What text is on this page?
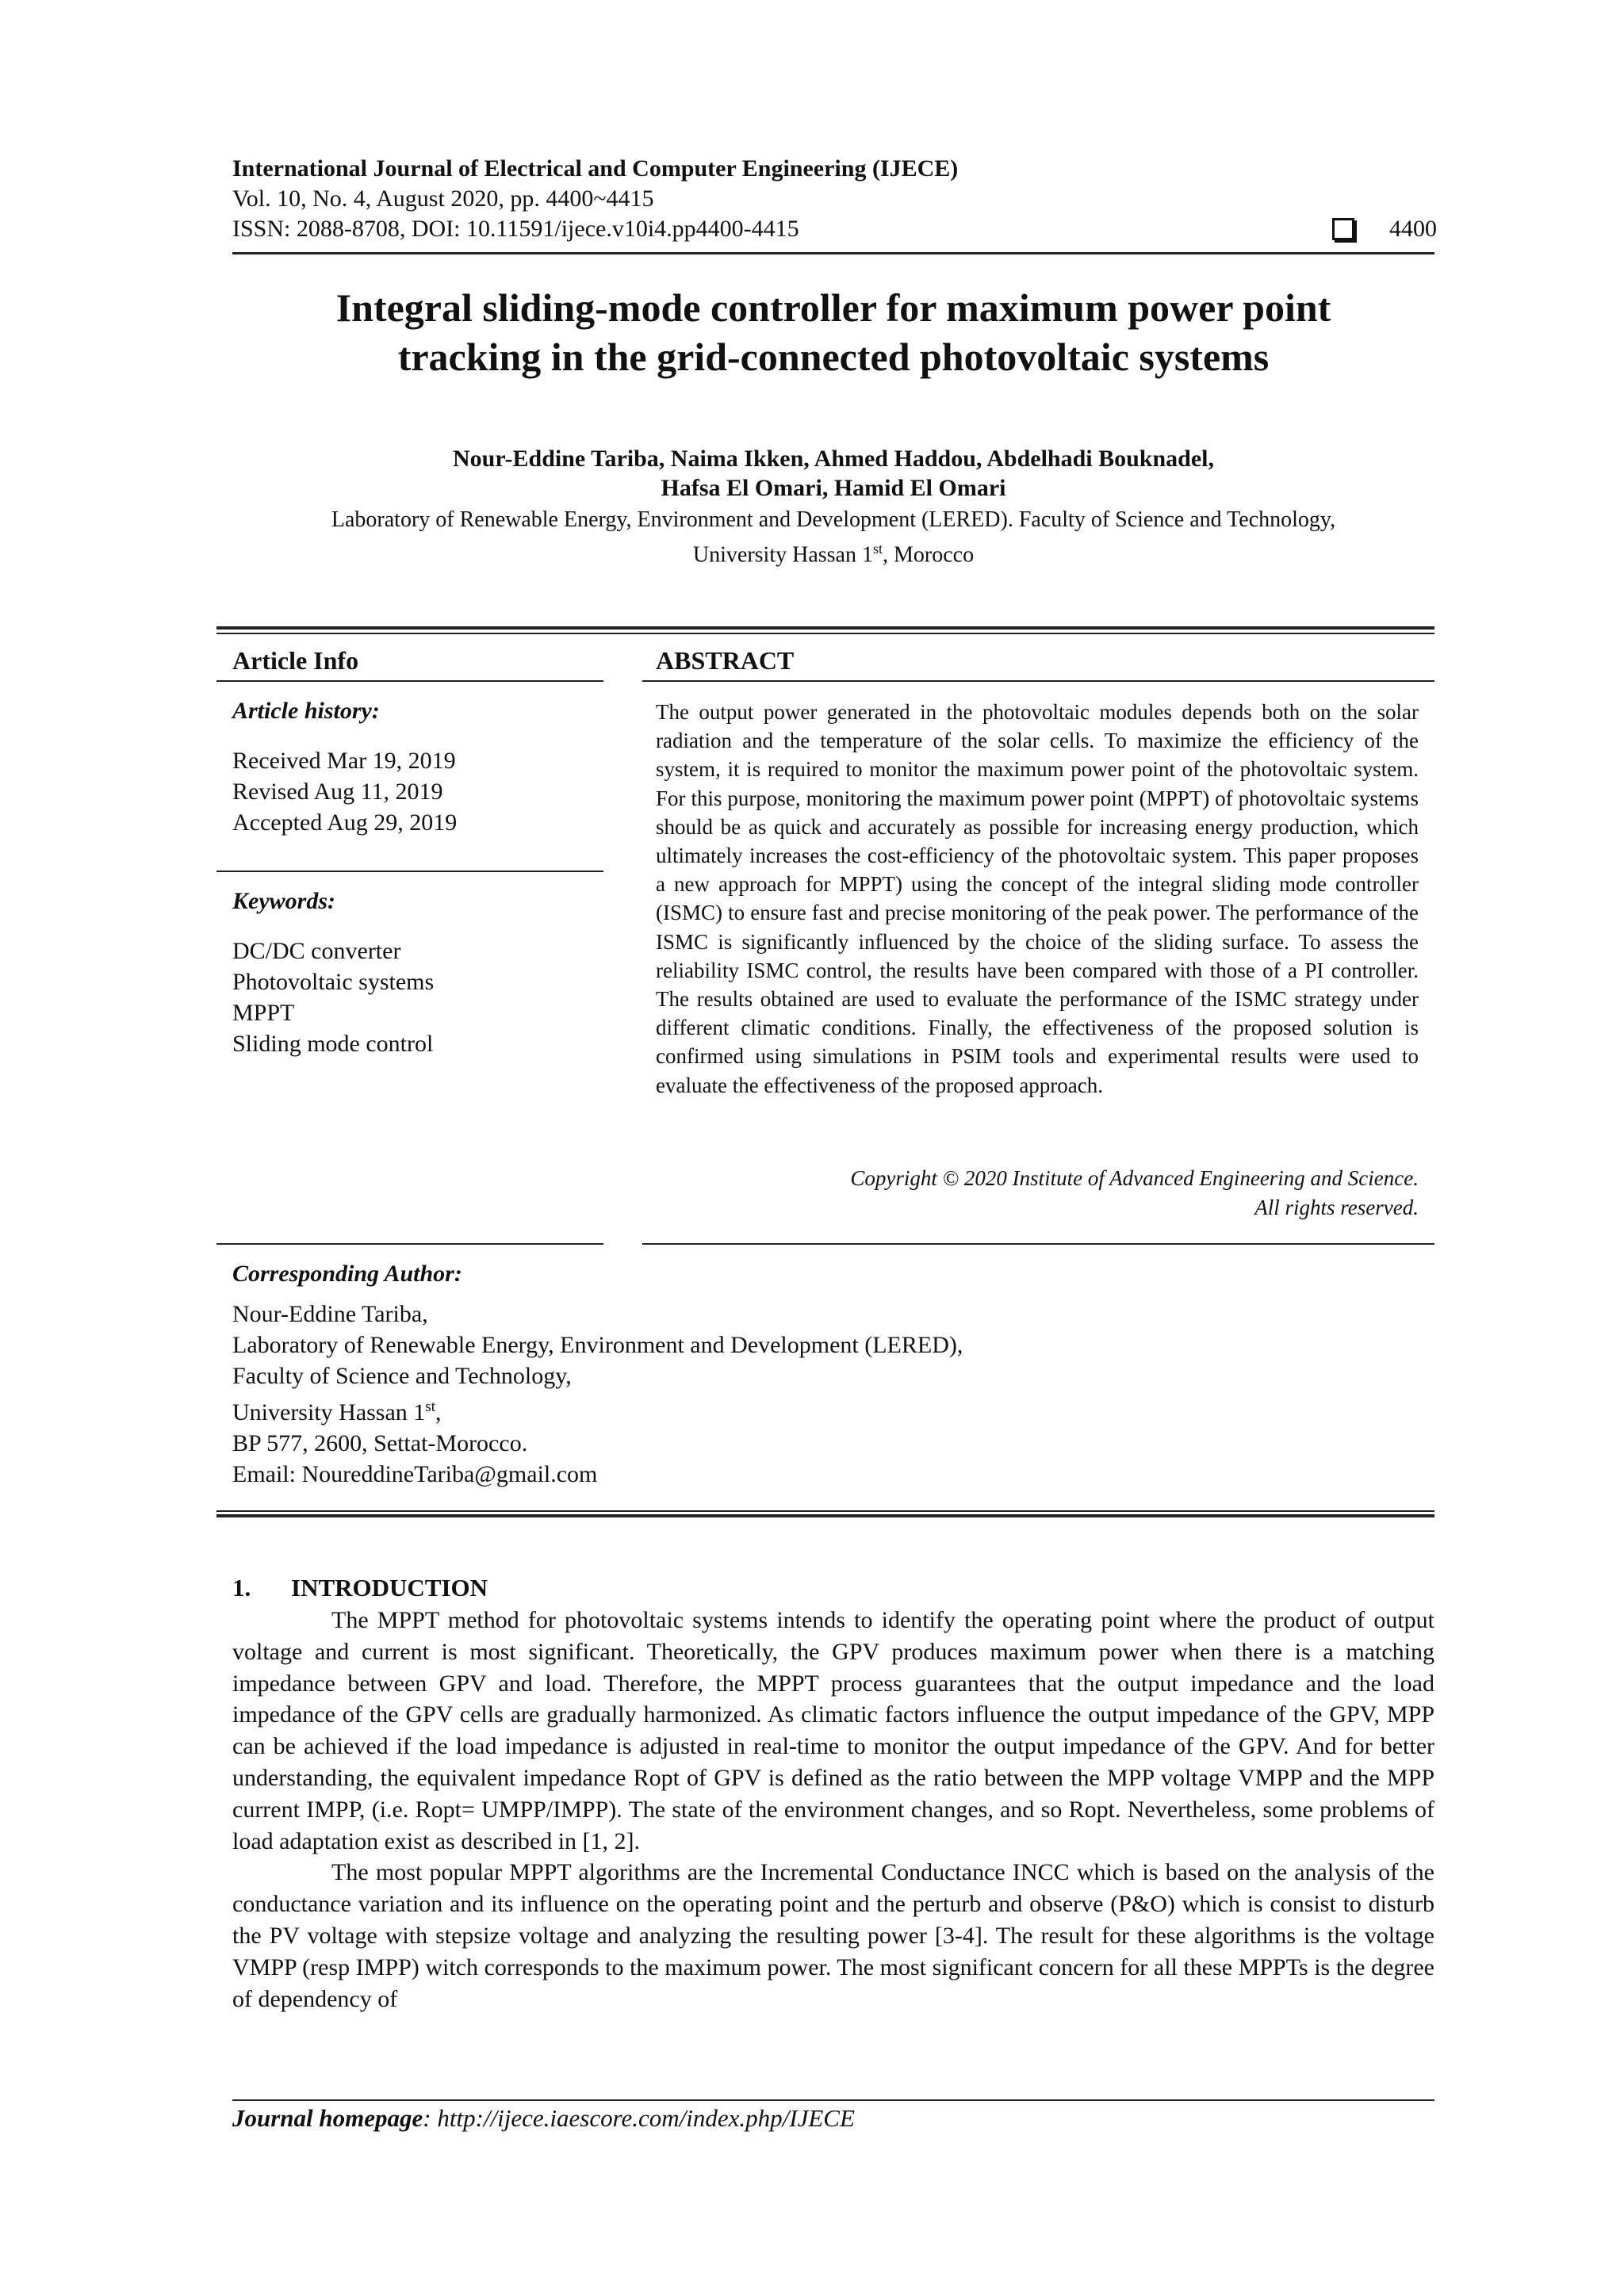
International Journal of Electrical and Computer Engineering (IJECE)
Vol. 10, No. 4, August 2020, pp. 4400~4415
ISSN: 2088-8708, DOI: 10.11591/ijece.v10i4.pp4400-4415	4400
Integral sliding-mode controller for maximum power point
tracking in the grid-connected photovoltaic systems
Nour-Eddine Tariba, Naima Ikken, Ahmed Haddou, Abdelhadi Bouknadel,
Hafsa El Omari, Hamid El Omari
Laboratory of Renewable Energy, Environment and Development (LERED). Faculty of Science and Technology,
University Hassan 1st, Morocco
Article Info
Article history:
Received Mar 19, 2019
Revised Aug 11, 2019
Accepted Aug 29, 2019
Keywords:
DC/DC converter
Photovoltaic systems
MPPT
Sliding mode control
ABSTRACT
The output power generated in the photovoltaic modules depends both on the solar radiation and the temperature of the solar cells. To maximize the efficiency of the system, it is required to monitor the maximum power point of the photovoltaic system. For this purpose, monitoring the maximum power point (MPPT) of photovoltaic systems should be as quick and accurately as possible for increasing energy production, which ultimately increases the cost-efficiency of the photovoltaic system. This paper proposes a new approach for MPPT) using the concept of the integral sliding mode controller (ISMC) to ensure fast and precise monitoring of the peak power. The performance of the ISMC is significantly influenced by the choice of the sliding surface. To assess the reliability ISMC control, the results have been compared with those of a PI controller. The results obtained are used to evaluate the performance of the ISMC strategy under different climatic conditions. Finally, the effectiveness of the proposed solution is confirmed using simulations in PSIM tools and experimental results were used to evaluate the effectiveness of the proposed approach.
Copyright © 2020 Institute of Advanced Engineering and Science.
All rights reserved.
Corresponding Author:
Nour-Eddine Tariba,
Laboratory of Renewable Energy, Environment and Development (LERED),
Faculty of Science and Technology,
University Hassan 1st,
BP 577, 2600, Settat-Morocco.
Email: NoureddineTariba@gmail.com
1. INTRODUCTION

The MPPT method for photovoltaic systems intends to identify the operating point where the product of output voltage and current is most significant. Theoretically, the GPV produces maximum power when there is a matching impedance between GPV and load. Therefore, the MPPT process guarantees that the output impedance and the load impedance of the GPV cells are gradually harmonized. As climatic factors influence the output impedance of the GPV, MPP can be achieved if the load impedance is adjusted in real-time to monitor the output impedance of the GPV. And for better understanding, the equivalent impedance Ropt of GPV is defined as the ratio between the MPP voltage VMPP and the MPP current IMPP, (i.e. Ropt= UMPP/IMPP). The state of the environment changes, and so Ropt. Nevertheless, some problems of load adaptation exist as described in [1, 2].

The most popular MPPT algorithms are the Incremental Conductance INCC which is based on the analysis of the conductance variation and its influence on the operating point and the perturb and observe (P&O) which is consist to disturb the PV voltage with stepsize voltage and analyzing the resulting power [3-4]. The result for these algorithms is the voltage VMPP (resp IMPP) witch corresponds to the maximum power. The most significant concern for all these MPPTs is the degree of dependency of

Journal homepage: http://ijece.iaescore.com/index.php/IJECE
